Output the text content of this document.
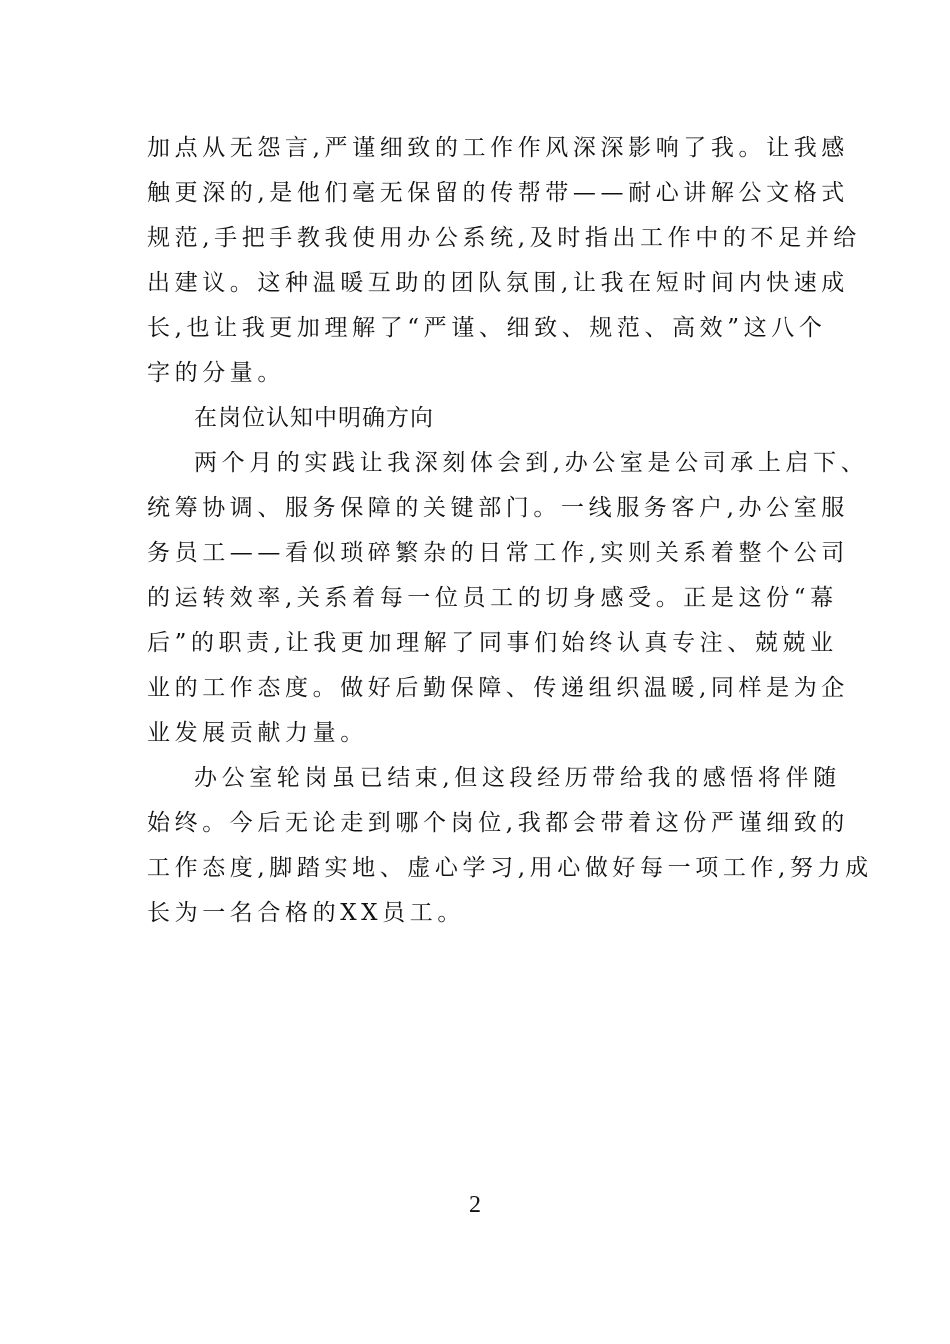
加点从无怨言,严谨细致的工作作风深深影响了我。让我感
触更深的,是他们毫无保留的传帮带——耐心讲解公文格式
规范,手把手教我使用办公系统,及时指出工作中的不足并给
出建议。这种温暖互助的团队氛围,让我在短时间内快速成
长,也让我更加理解了“严谨、细致、规范、高效”这八个
字的分量。
在岗位认知中明确方向
两个月的实践让我深刻体会到,办公室是公司承上启下、
统筹协调、服务保障的关键部门。一线服务客户,办公室服
务员工——看似琐碎繁杂的日常工作,实则关系着整个公司
的运转效率,关系着每一位员工的切身感受。正是这份“幕
后”的职责,让我更加理解了同事们始终认真专注、兢兢业
业的工作态度。做好后勤保障、传递组织温暖,同样是为企
业发展贡献力量。
办公室轮岗虽已结束,但这段经历带给我的感悟将伴随
始终。今后无论走到哪个岗位,我都会带着这份严谨细致的
工作态度,脚踏实地、虚心学习,用心做好每一项工作,努力成
长为一名合格的XX员工。
2
